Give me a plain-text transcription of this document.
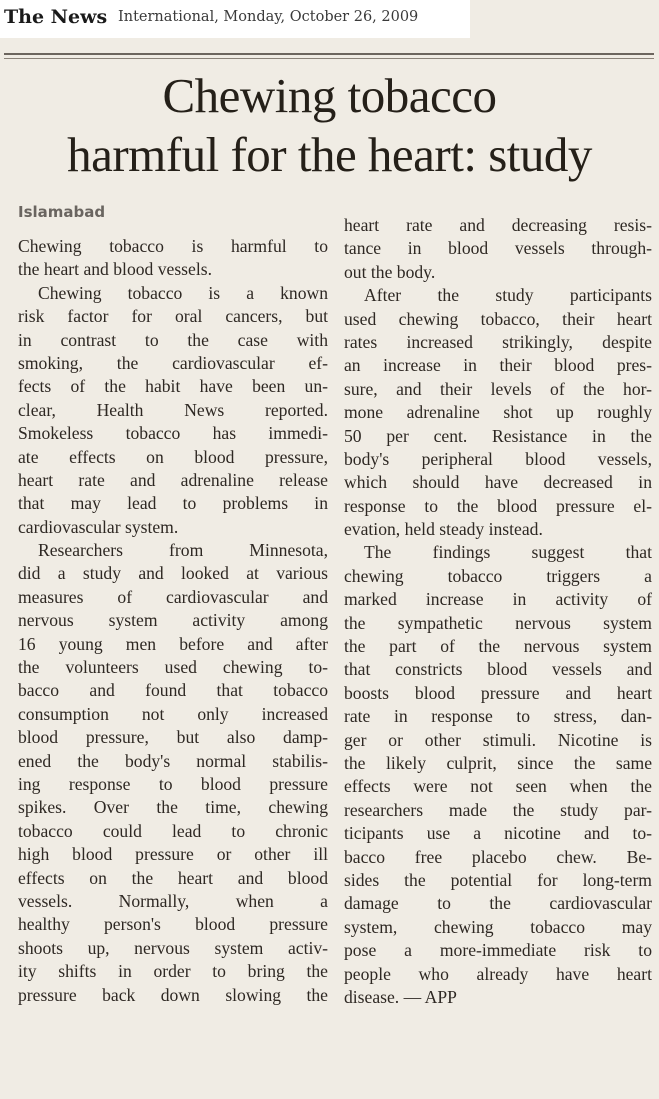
The News International, Monday, October 26, 2009
Chewing tobacco
harmful for the heart: study
Islamabad
Chewing tobacco is harmful to
the heart and blood vessels.
Chewing tobacco is a known
risk factor for oral cancers, but
in contrast to the case with
smoking, the cardiovascular ef-
fects of the habit have been un-
clear, Health News reported.
Smokeless tobacco has immedi-
ate effects on blood pressure,
heart rate and adrenaline release
that may lead to problems in
cardiovascular system.
Researchers from Minnesota,
did a study and looked at various
measures of cardiovascular and
nervous system activity among
16 young men before and after
the volunteers used chewing to-
bacco and found that tobacco
consumption not only increased
blood pressure, but also damp-
ened the body's normal stabilis-
ing response to blood pressure
spikes. Over the time, chewing
tobacco could lead to chronic
high blood pressure or other ill
effects on the heart and blood
vessels. Normally, when a
healthy person's blood pressure
shoots up, nervous system activ-
ity shifts in order to bring the
pressure back down slowing the
heart rate and decreasing resis-
tance in blood vessels through-
out the body.
After the study participants
used chewing tobacco, their heart
rates increased strikingly, despite
an increase in their blood pres-
sure, and their levels of the hor-
mone adrenaline shot up roughly
50 per cent. Resistance in the
body's peripheral blood vessels,
which should have decreased in
response to the blood pressure el-
evation, held steady instead.
The findings suggest that
chewing tobacco triggers a
marked increase in activity of
the sympathetic nervous system
the part of the nervous system
that constricts blood vessels and
boosts blood pressure and heart
rate in response to stress, dan-
ger or other stimuli. Nicotine is
the likely culprit, since the same
effects were not seen when the
researchers made the study par-
ticipants use a nicotine and to-
bacco free placebo chew. Be-
sides the potential for long-term
damage to the cardiovascular
system, chewing tobacco may
pose a more-immediate risk to
people who already have heart
disease. — APP
